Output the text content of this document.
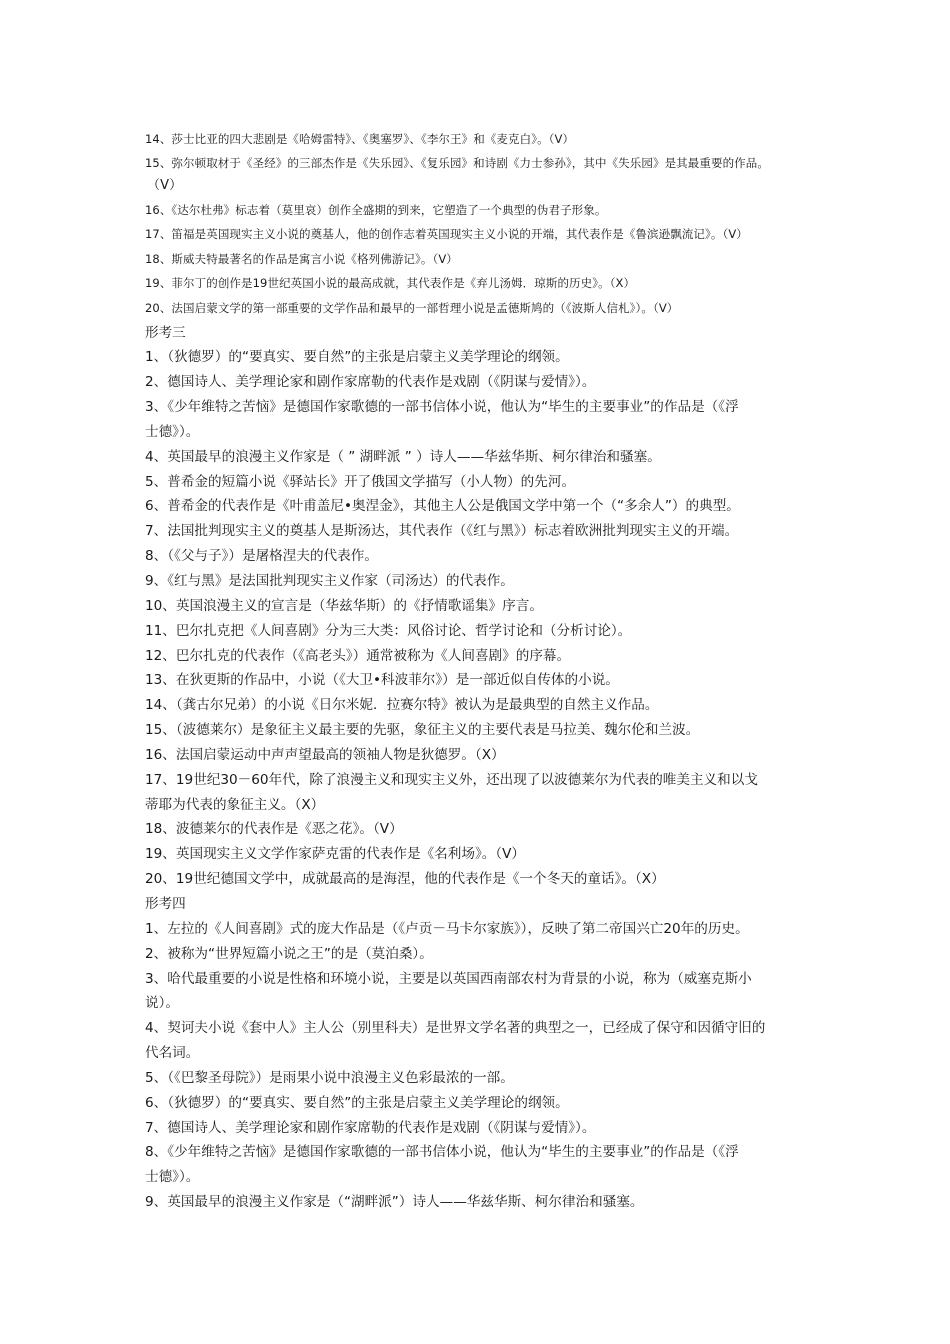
14、莎士比亚的四大悲剧是《哈姆雷特》、《奥塞罗》、《李尔王》和《麦克白》。（V）
15、弥尔顿取材于《圣经》的三部杰作是《失乐园》、《复乐园》和诗剧《力士参孙》，其中《失乐园》是其最重要的作品。
（V）
16、《达尔杜弗》标志着（莫里哀）创作全盛期的到来，它塑造了一个典型的伪君子形象。
17、笛福是英国现实主义小说的奠基人，他的创作志着英国现实主义小说的开端，其代表作是《鲁滨逊飘流记》。（V）
18、斯威夫特最著名的作品是寓言小说《格列佛游记》。（V）
19、菲尔丁的创作是19世纪英国小说的最高成就，其代表作是《弃儿汤姆．琼斯的历史》。（X）
20、法国启蒙文学的第一部重要的文学作品和最早的一部哲理小说是孟德斯鸠的（《波斯人信札》）。（V）
形考三
1、（狄德罗）的“要真实、要自然”的主张是启蒙主义美学理论的纲领。
2、德国诗人、美学理论家和剧作家席勒的代表作是戏剧（《阴谋与爱情》）。
3、《少年维特之苦恼》是德国作家歌德的一部书信体小说，他认为“毕生的主要事业”的作品是（《浮
士德》）。
4、英国最早的浪漫主义作家是（ ” 湖畔派 ” ）诗人——华兹华斯、柯尔律治和骚塞。
5、普希金的短篇小说《驿站长》开了俄国文学描写（小人物）的先河。
6、普希金的代表作是《叶甫盖尼•奥涅金》，其他主人公是俄国文学中第一个（“多余人”）的典型。
7、法国批判现实主义的奠基人是斯汤达，其代表作（《红与黑》）标志着欧洲批判现实主义的开端。
8、（《父与子》）是屠格涅夫的代表作。
9、《红与黑》是法国批判现实主义作家（司汤达）的代表作。
10、英国浪漫主义的宣言是（华兹华斯）的《抒情歌谣集》序言。
11、巴尔扎克把《人间喜剧》分为三大类：风俗讨论、哲学讨论和（分析讨论）。
12、巴尔扎克的代表作（《高老头》）通常被称为《人间喜剧》的序幕。
13、在狄更斯的作品中，小说（《大卫•科波菲尔》）是一部近似自传体的小说。
14、（龚古尔兄弟）的小说《日尔米妮．拉赛尔特》被认为是最典型的自然主义作品。
15、（波德莱尔）是象征主义最主要的先驱，象征主义的主要代表是马拉美、魏尔伦和兰波。
16、法国启蒙运动中声声望最高的领袖人物是狄德罗。（X）
17、19世纪30－60年代，除了浪漫主义和现实主义外，还出现了以波德莱尔为代表的唯美主义和以戈
蒂耶为代表的象征主义。（X）
18、波德莱尔的代表作是《恶之花》。（V）
19、英国现实主义文学作家萨克雷的代表作是《名利场》。（V）
20、19世纪德国文学中，成就最高的是海涅，他的代表作是《一个冬天的童话》。（X）
形考四
1、左拉的《人间喜剧》式的庞大作品是（《卢贡－马卡尔家族》），反映了第二帝国兴亡20年的历史。
2、被称为“世界短篇小说之王”的是（莫泊桑）。
3、哈代最重要的小说是性格和环境小说，主要是以英国西南部农村为背景的小说，称为（威塞克斯小
说）。
4、契诃夫小说《套中人》主人公（别里科夫）是世界文学名著的典型之一，已经成了保守和因循守旧的
代名词。
5、（《巴黎圣母院》）是雨果小说中浪漫主义色彩最浓的一部。
6、（狄德罗）的“要真实、要自然”的主张是启蒙主义美学理论的纲领。
7、德国诗人、美学理论家和剧作家席勒的代表作是戏剧（《阴谋与爱情》）。
8、《少年维特之苦恼》是德国作家歌德的一部书信体小说，他认为“毕生的主要事业”的作品是（《浮
士德》）。
9、英国最早的浪漫主义作家是（“湖畔派”）诗人——华兹华斯、柯尔律治和骚塞。
